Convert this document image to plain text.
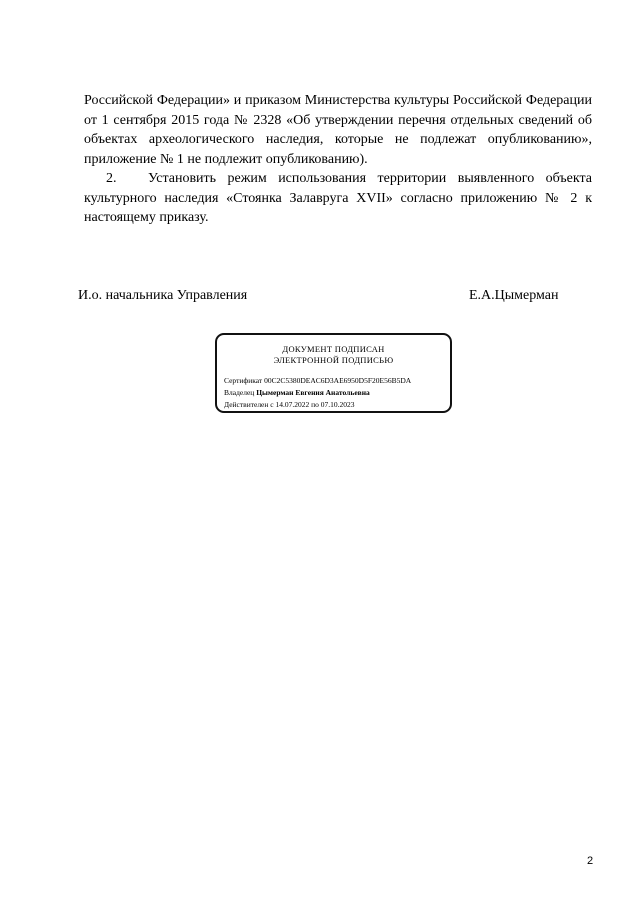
Российской Федерации» и приказом Министерства культуры Российской Федерации от 1 сентября 2015 года № 2328 «Об утверждении перечня отдельных сведений об объектах археологического наследия, которые не подлежат опубликованию», приложение № 1 не подлежит опубликованию).
2. Установить режим использования территории выявленного объекта культурного наследия «Стоянка Залавруга XVII» согласно приложению № 2 к настоящему приказу.
И.о. начальника Управления	Е.А.Цымерман
ДОКУМЕНТ ПОДПИСАН
ЭЛЕКТРОННОЙ ПОДПИСЬЮ
Сертификат 00C2C5380DEAC6D3AE6950D5F20E56B5DA
Владелец Цымерман Евгения Анатольевна
Действителен с 14.07.2022 по 07.10.2023
2
